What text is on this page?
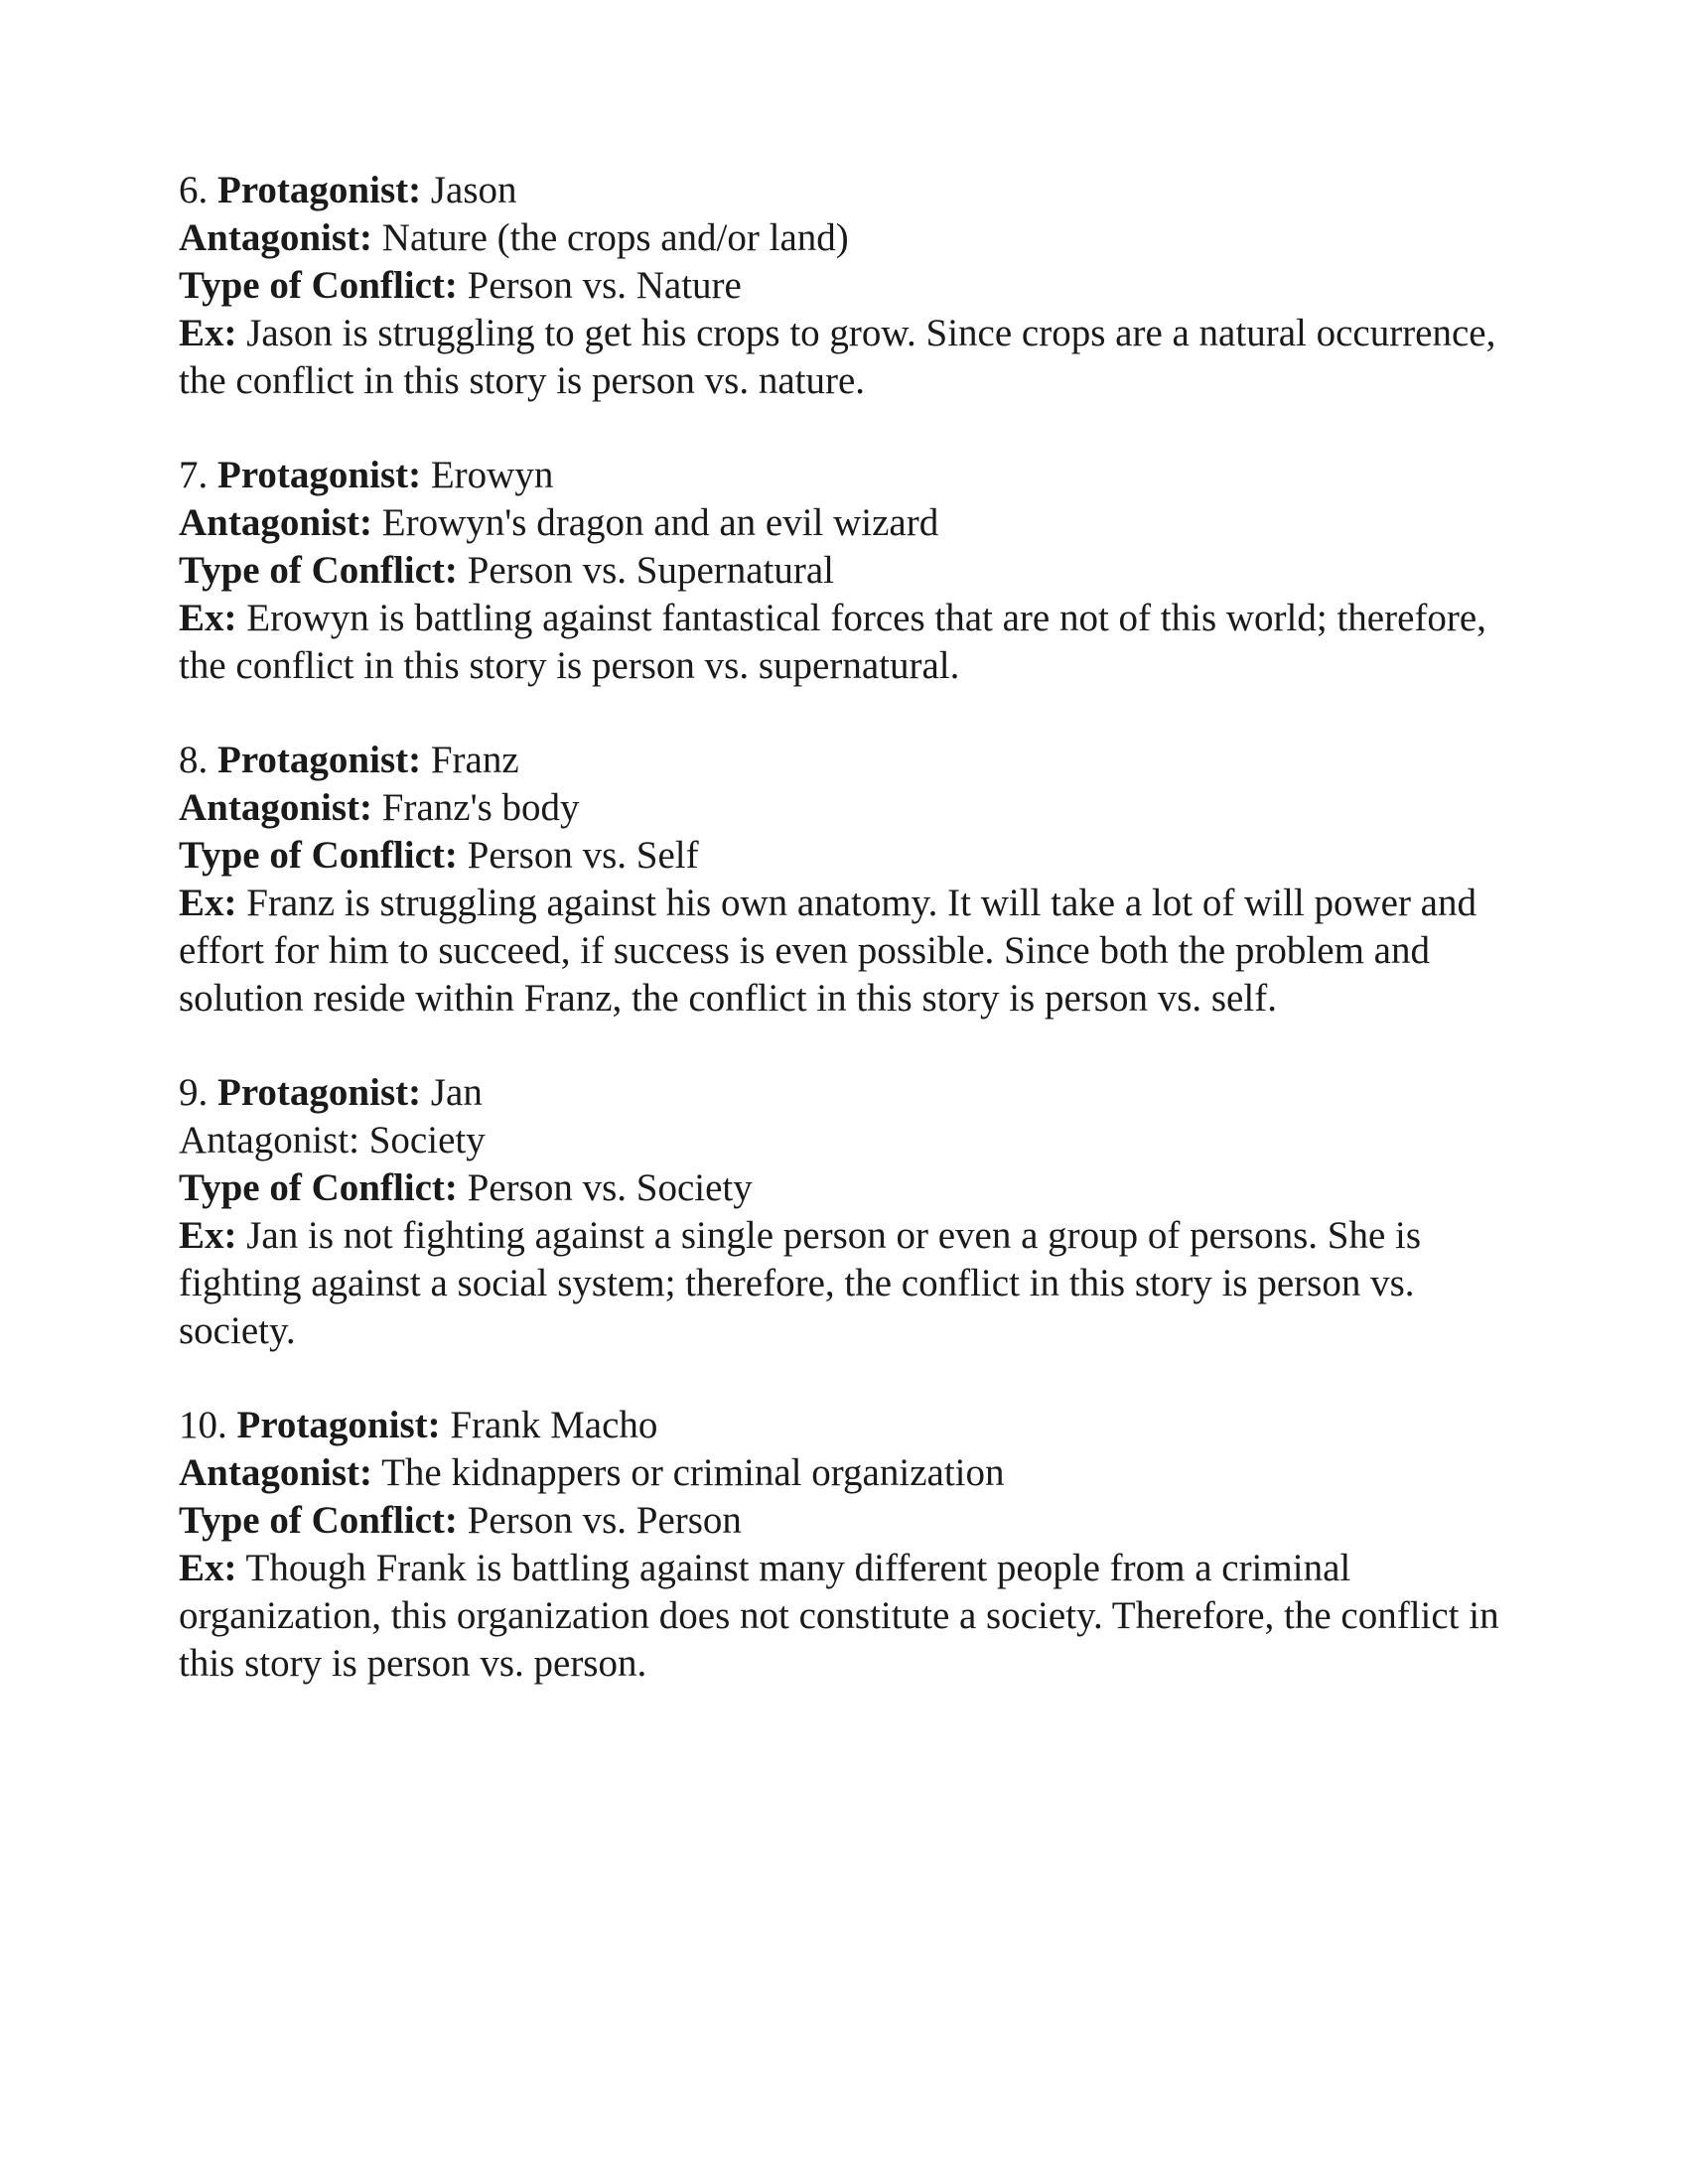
6. Protagonist: Jason
Antagonist: Nature (the crops and/or land)
Type of Conflict: Person vs. Nature
Ex: Jason is struggling to get his crops to grow. Since crops are a natural occurrence, the conflict in this story is person vs. nature.
7. Protagonist: Erowyn
Antagonist: Erowyn's dragon and an evil wizard
Type of Conflict: Person vs. Supernatural
Ex: Erowyn is battling against fantastical forces that are not of this world; therefore, the conflict in this story is person vs. supernatural.
8. Protagonist: Franz
Antagonist: Franz's body
Type of Conflict: Person vs. Self
Ex: Franz is struggling against his own anatomy. It will take a lot of will power and effort for him to succeed, if success is even possible. Since both the problem and solution reside within Franz, the conflict in this story is person vs. self.
9. Protagonist: Jan
Antagonist: Society
Type of Conflict: Person vs. Society
Ex: Jan is not fighting against a single person or even a group of persons. She is fighting against a social system; therefore, the conflict in this story is person vs. society.
10. Protagonist: Frank Macho
Antagonist: The kidnappers or criminal organization
Type of Conflict: Person vs. Person
Ex: Though Frank is battling against many different people from a criminal organization, this organization does not constitute a society. Therefore, the conflict in this story is person vs. person.
